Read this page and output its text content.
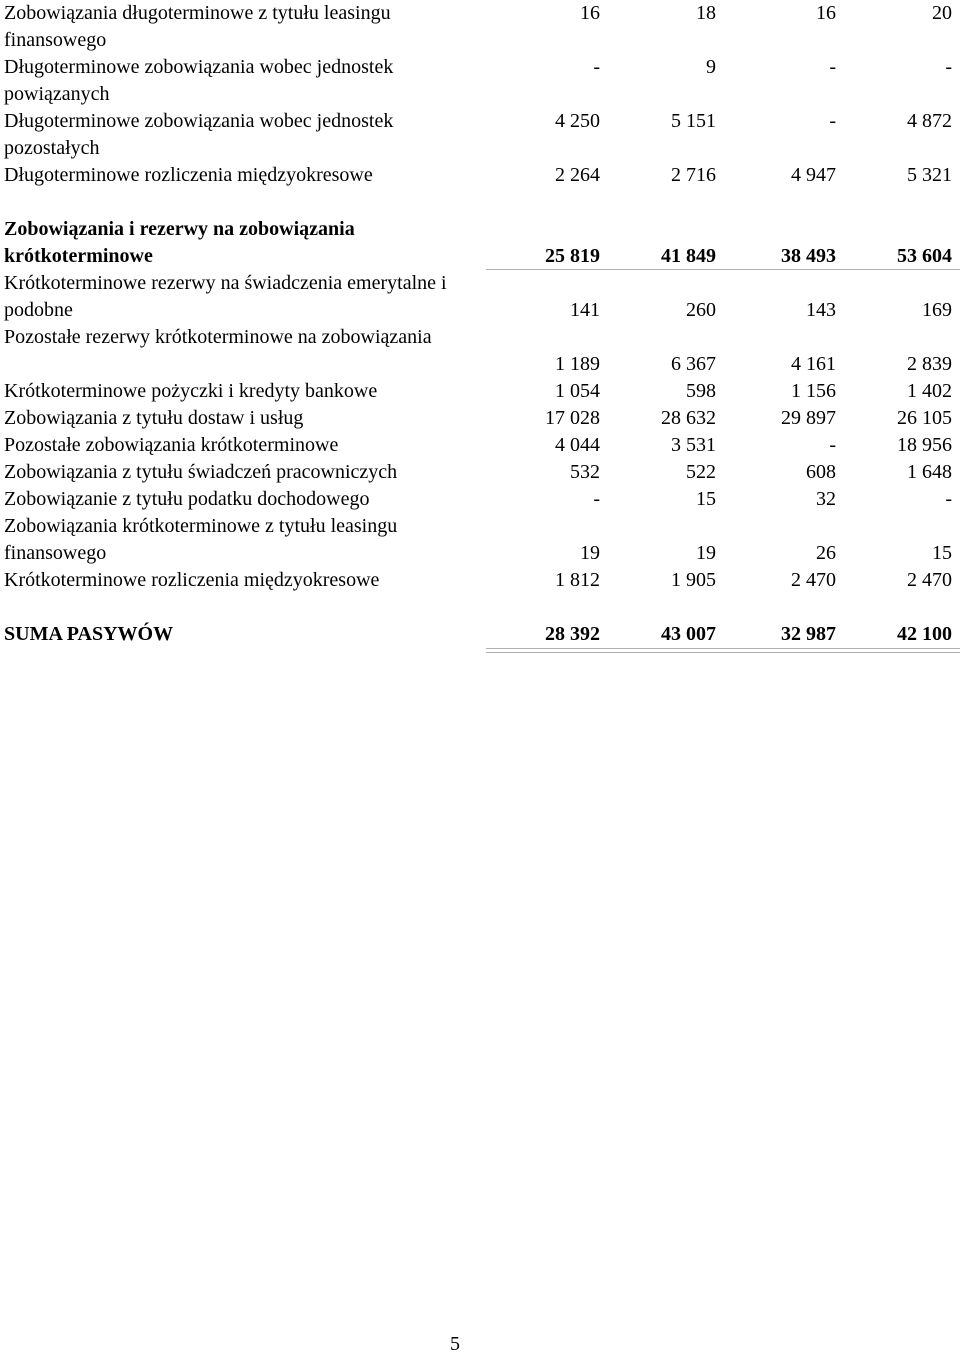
Zobowiązania długoterminowe z tytułu leasingu finansowego
16	18	16	20
Długoterminowe zobowiązania wobec jednostek powiązanych
-	9	-	-
Długoterminowe zobowiązania wobec jednostek pozostałych
4 250	5 151	-	4 872
Długoterminowe rozliczenia międzyokresowe	2 264	2 716	4 947	5 321
Zobowiązania i rezerwy na zobowiązania krótkoterminowe	25 819	41 849	38 493	53 604
Krótkoterminowe rezerwy na świadczenia emerytalne i podobne	141	260	143	169
Pozostałe rezerwy krótkoterminowe na zobowiązania
1 189	6 367	4 161	2 839
Krótkoterminowe pożyczki i kredyty bankowe	1 054	598	1 156	1 402
Zobowiązania z tytułu dostaw i usług	17 028	28 632	29 897	26 105
Pozostałe zobowiązania krótkoterminowe	4 044	3 531	-	18 956
Zobowiązania z tytułu świadczeń pracowniczych	532	522	608	1 648
Zobowiązanie z tytułu podatku dochodowego	-	15	32	-
Zobowiązania krótkoterminowe z tytułu leasingu finansowego	19	19	26	15
Krótkoterminowe rozliczenia międzyokresowe	1 812	1 905	2 470	2 470
SUMA PASYWÓW	28 392	43 007	32 987	42 100
5
